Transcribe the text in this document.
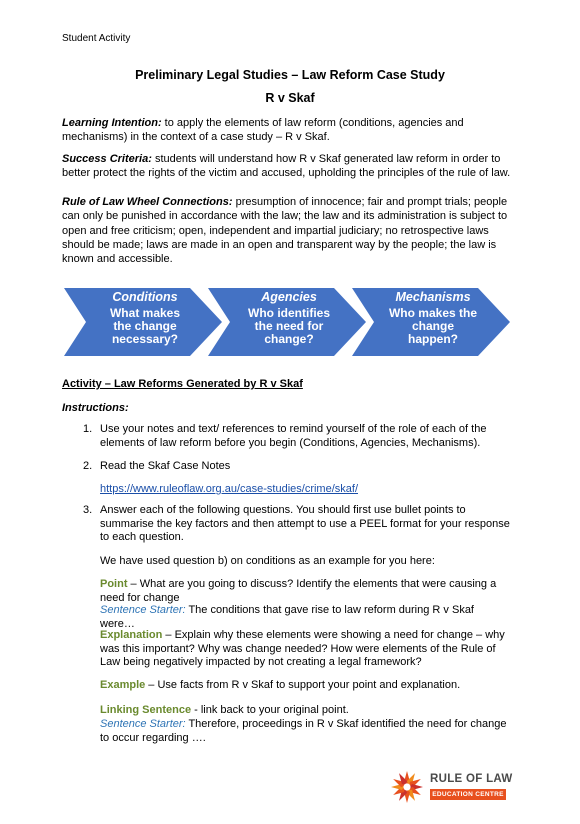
Student Activity
Preliminary Legal Studies – Law Reform Case Study
R v Skaf
Learning Intention: to apply the elements of law reform (conditions, agencies and mechanisms) in the context of a case study – R v Skaf.
Success Criteria: students will understand how R v Skaf generated law reform in order to better protect the rights of the victim and accused, upholding the principles of the rule of law.
Rule of Law Wheel Connections: presumption of innocence; fair and prompt trials; people can only be punished in accordance with the law; the law and its administration is subject to open and free criticism; open, independent and impartial judiciary; no retrospective laws should be made; laws are made in an open and transparent way by the people; the law is known and accessible.
Conditions
What makes
the change
necessary?
Agencies
Who identifies
the need for
change?
Mechanisms
Who makes the
change
happen?
Activity – Law Reforms Generated by R v Skaf
Instructions:
1. Use your notes and text/ references to remind yourself of the role of each of the elements of law reform before you begin (Conditions, Agencies, Mechanisms).
2. Read the Skaf Case Notes
https://www.ruleoflaw.org.au/case-studies/crime/skaf/
3. Answer each of the following questions. You should first use bullet points to summarise the key factors and then attempt to use a PEEL format for your response to each question.
We have used question b) on conditions as an example for you here:
Point – What are you going to discuss? Identify the elements that were causing a need for change
Sentence Starter: The conditions that gave rise to law reform during R v Skaf were…
Explanation – Explain why these elements were showing a need for change – why was this important? Why was change needed? How were elements of the Rule of Law being negatively impacted by not creating a legal framework?
Example – Use facts from R v Skaf to support your point and explanation.
Linking Sentence - link back to your original point.
Sentence Starter: Therefore, proceedings in R v Skaf identified the need for change to occur regarding ….
RULE OF LAW
EDUCATION CENTRE
